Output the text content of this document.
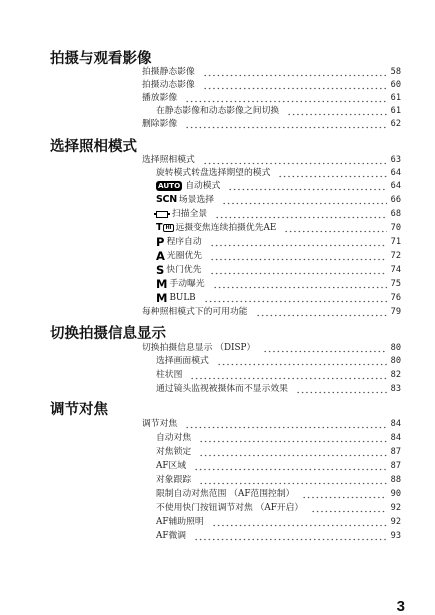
拍摄与观看影像
拍摄静态影像	58
拍摄动态影像	60
播放影像	61
在静态影像和动态影像之间切换	61
删除影像	62
选择照相模式
选择照相模式	63
旋转模式转盘选择期望的模式	64
AUTO 自动模式	64
SCN 场景选择	66
扫描全景	68
T HI 远摄变焦连续拍摄优先AE	70
P 程序自动	71
A 光圈优先	72
S 快门优先	74
M 手动曝光	75
M BULB	76
每种照相模式下的可用功能	79
切换拍摄信息显示
切换拍摄信息显示 （DISP）	80
选择画面模式	80
柱状图	82
通过镜头监视被摄体而不显示效果	83
调节对焦
调节对焦	84
自动对焦	84
对焦锁定	87
AF区域	87
对象跟踪	88
限制自动对焦范围 （AF范围控制）	90
不使用快门按钮调节对焦 （AF开启）	92
AF辅助照明	92
AF微调	93

3
